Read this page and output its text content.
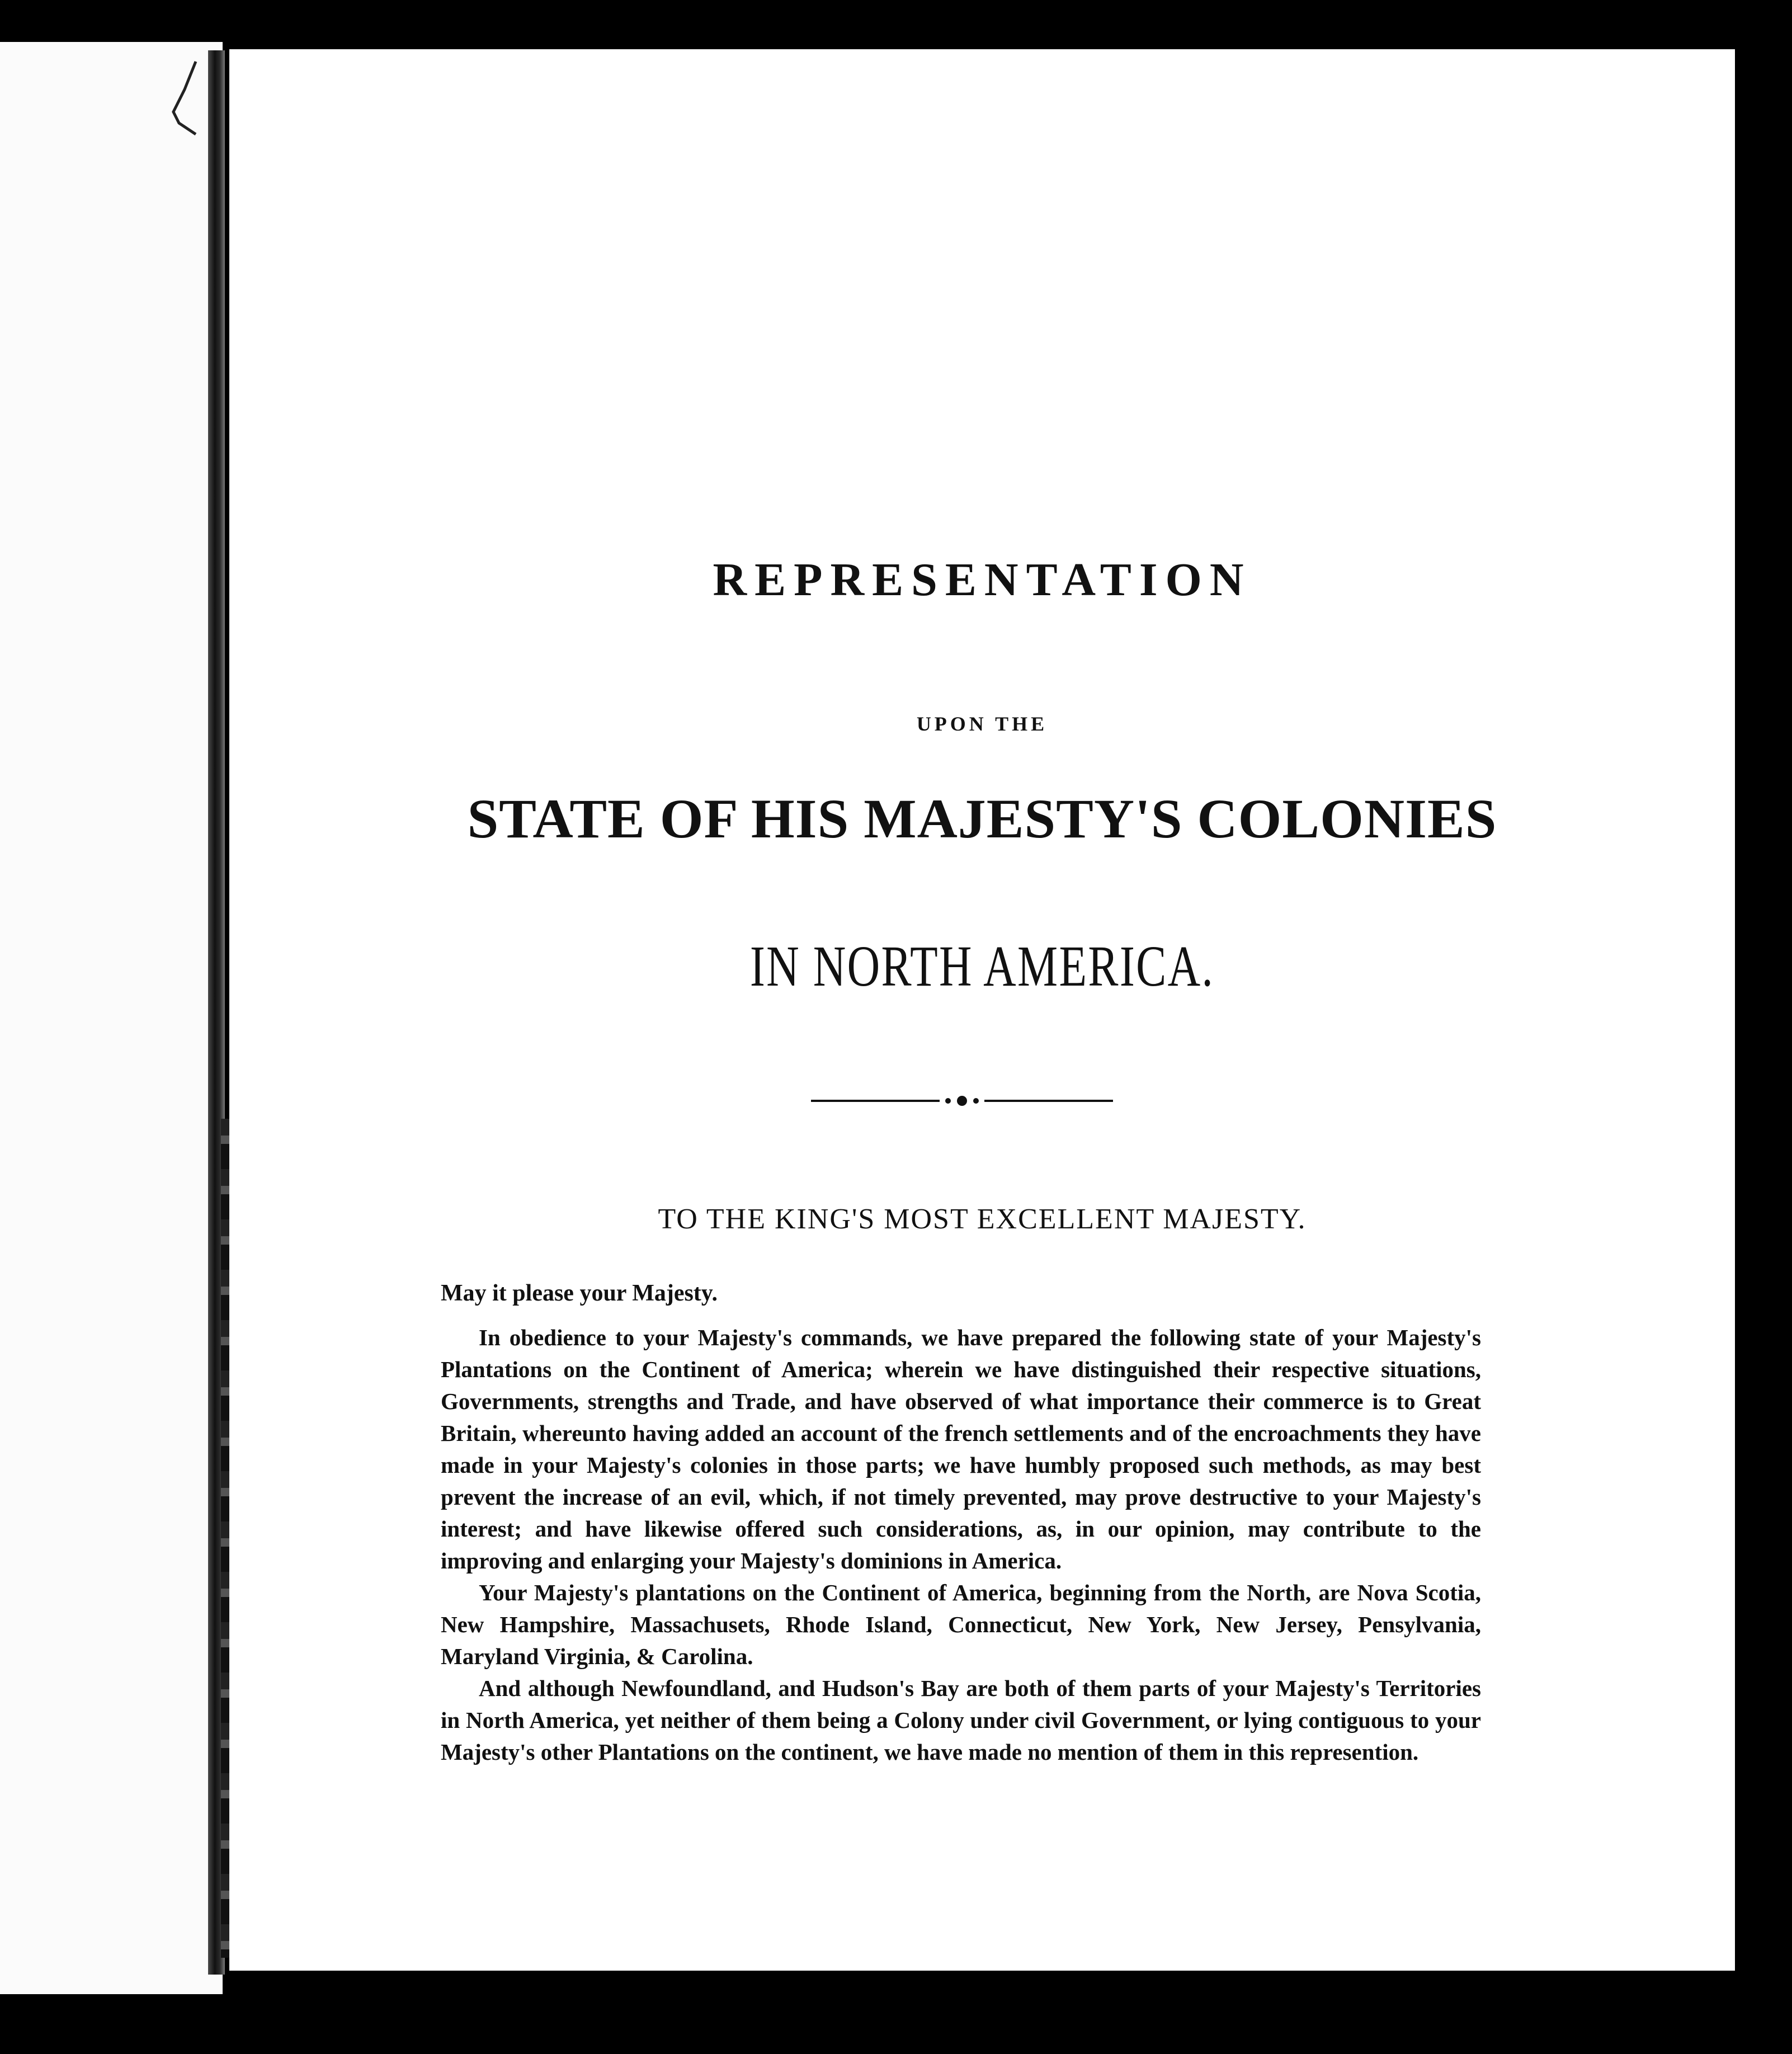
REPRESENTATION
UPON THE
STATE OF HIS MAJESTY'S COLONIES
IN NORTH AMERICA.
TO THE KING'S MOST EXCELLENT MAJESTY.
May it please your Majesty.

In obedience to your Majesty's commands, we have prepared the following state of your Majesty's Plantations on the Continent of America; wherein we have distinguished their respective situations, Governments, strengths and Trade, and have observed of what importance their commerce is to Great Britain, whereunto having added an account of the french settlements and of the encroachments they have made in your Majesty's colonies in those parts; we have humbly proposed such methods, as may best prevent the increase of an evil, which, if not timely prevented, may prove destructive to your Majesty's interest; and have likewise offered such considerations, as, in our opinion, may contribute to the improving and enlarging your Majesty's dominions in America.

Your Majesty's plantations on the Continent of America, beginning from the North, are Nova Scotia, New Hampshire, Massachusets, Rhode Island, Connecticut, New York, New Jersey, Pensylvania, Maryland Virginia, & Carolina.

And although Newfoundland, and Hudson's Bay are both of them parts of your Majesty's Territories in North America, yet neither of them being a Colony under civil Government, or lying contiguous to your Majesty's other Plantations on the continent, we have made no mention of them in this represention.
